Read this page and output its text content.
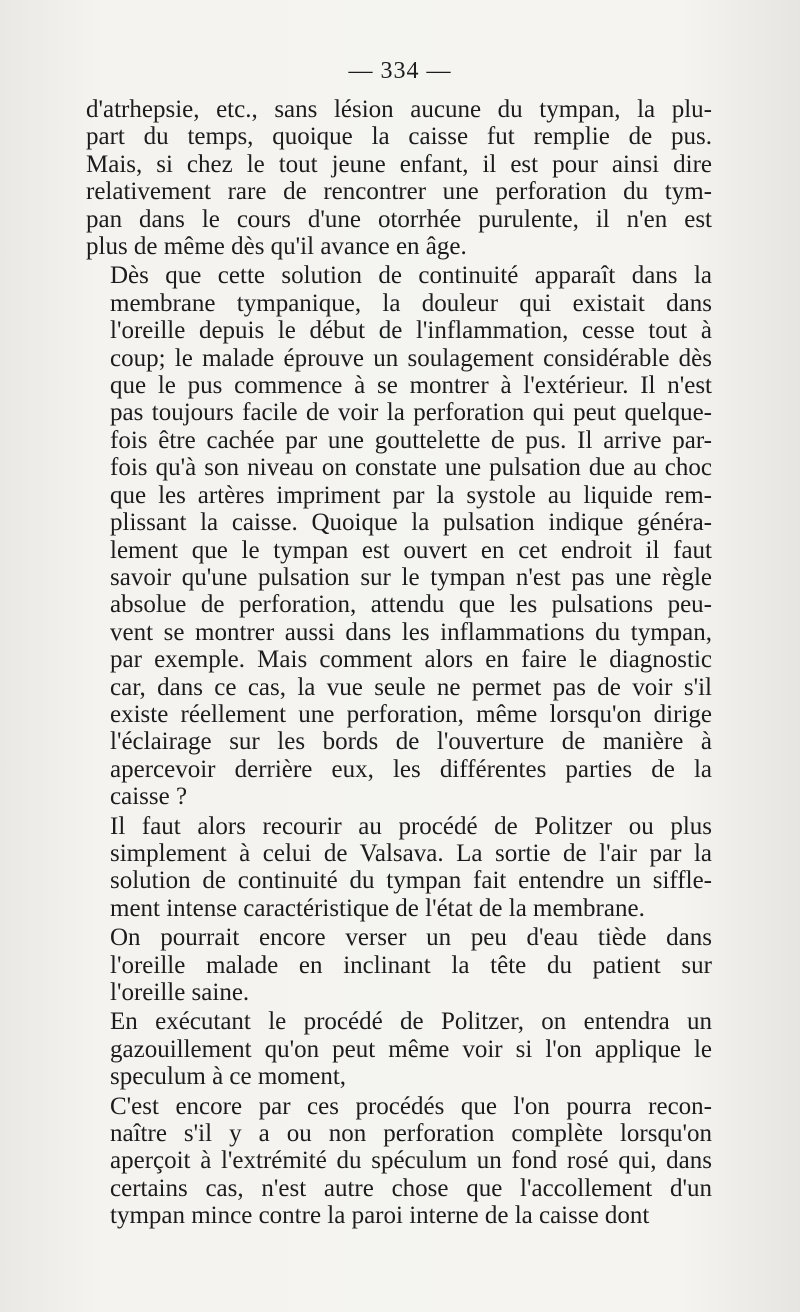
— 334 —

d'atrhepsie, etc., sans lésion aucune du tympan, la plu-
part du temps, quoique la caisse fut remplie de pus.
Mais, si chez le tout jeune enfant, il est pour ainsi dire
relativement rare de rencontrer une perforation du tym-
pan dans le cours d'une otorrhée purulente, il n'en est
plus de même dès qu'il avance en âge.

Dès que cette solution de continuité apparaît dans la
membrane tympanique, la douleur qui existait dans
l'oreille depuis le début de l'inflammation, cesse tout à
coup; le malade éprouve un soulagement considérable dès
que le pus commence à se montrer à l'extérieur. Il n'est
pas toujours facile de voir la perforation qui peut quelque-
fois être cachée par une gouttelette de pus. Il arrive par-
fois qu'à son niveau on constate une pulsation due au choc
que les artères impriment par la systole au liquide rem-
plissant la caisse. Quoique la pulsation indique généra-
lement que le tympan est ouvert en cet endroit il faut
savoir qu'une pulsation sur le tympan n'est pas une règle
absolue de perforation, attendu que les pulsations peu-
vent se montrer aussi dans les inflammations du tympan,
par exemple. Mais comment alors en faire le diagnostic
car, dans ce cas, la vue seule ne permet pas de voir s'il
existe réellement une perforation, même lorsqu'on dirige
l'éclairage sur les bords de l'ouverture de manière à
apercevoir derrière eux, les différentes parties de la
caisse ?

Il faut alors recourir au procédé de Politzer ou plus
simplement à celui de Valsava. La sortie de l'air par la
solution de continuité du tympan fait entendre un siffle-
ment intense caractéristique de l'état de la membrane.

On pourrait encore verser un peu d'eau tiède dans
l'oreille malade en inclinant la tête du patient sur
l'oreille saine.

En exécutant le procédé de Politzer, on entendra un
gazouillement qu'on peut même voir si l'on applique le
speculum à ce moment,

C'est encore par ces procédés que l'on pourra recon-
naître s'il y a ou non perforation complète lorsqu'on
aperçoit à l'extrémité du spéculum un fond rosé qui, dans
certains cas, n'est autre chose que l'accollement d'un
tympan mince contre la paroi interne de la caisse dont
